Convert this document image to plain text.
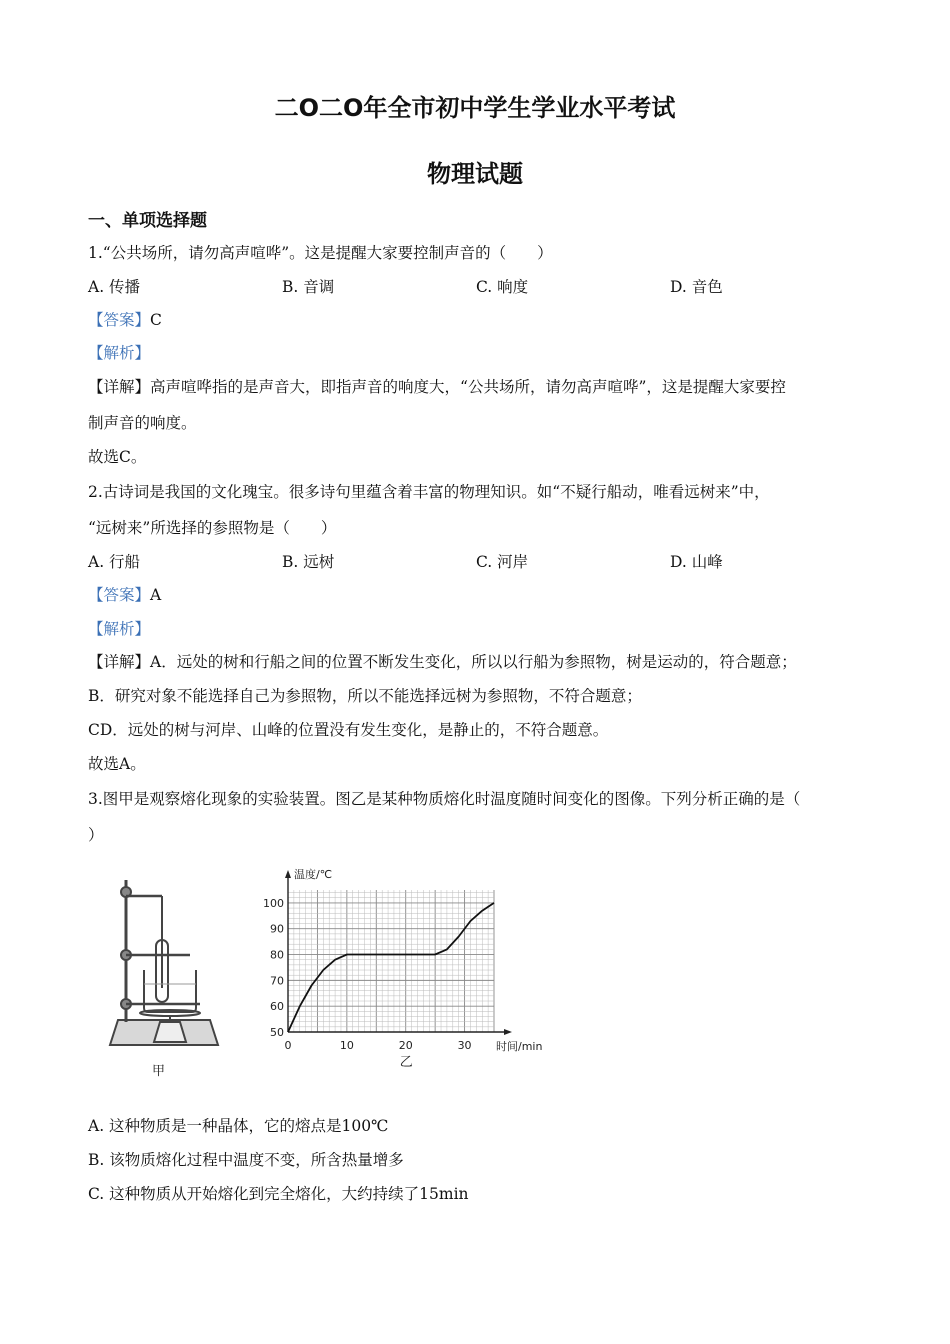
二O二O年全市初中学生学业水平考试
物理试题
一、单项选择题
1.“公共场所，请勿高声喧哗”。这是提醒大家要控制声音的（　　）
A. 传播	B. 音调	C. 响度	D. 音色
【答案】C
【解析】
【详解】高声喧哗指的是声音大，即指声音的响度大，“公共场所，请勿高声喧哗”，这是提醒大家要控
制声音的响度。
故选C。
2.古诗词是我国的文化瑰宝。很多诗句里蕴含着丰富的物理知识。如“不疑行船动，唯看远树来”中，
“远树来”所选择的参照物是（　　）
A. 行船	B. 远树	C. 河岸	D. 山峰
【答案】A
【解析】
【详解】A．远处的树和行船之间的位置不断发生变化，所以以行船为参照物，树是运动的，符合题意；
B．研究对象不能选择自己为参照物，所以不能选择远树为参照物，不符合题意；
CD．远处的树与河岸、山峰的位置没有发生变化，是静止的，不符合题意。
故选A。
3.图甲是观察熔化现象的实验装置。图乙是某种物质熔化时温度随时间变化的图像。下列分析正确的是（
）
甲
温度/℃
时间/min
0	10	20	30
50
60
70
80
90
100
乙
A. 这种物质是一种晶体，它的熔点是100℃
B. 该物质熔化过程中温度不变，所含热量增多
C. 这种物质从开始熔化到完全熔化，大约持续了15min
